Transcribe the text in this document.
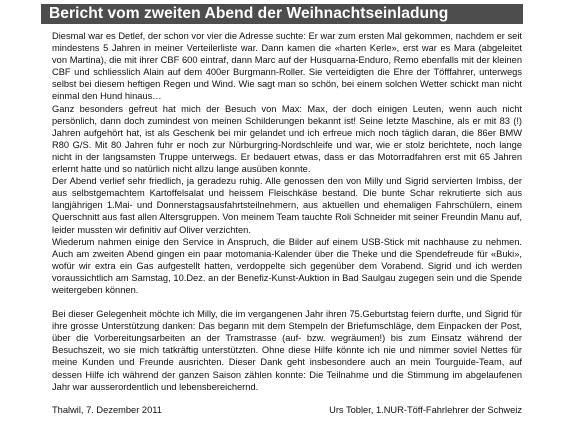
Bericht vom zweiten Abend der Weihnachtseinladung

Diesmal war es Detlef, der schon vor vier die Adresse suchte: Er war zum ersten Mal gekommen, nachdem er seit mindestens 5 Jahren in meiner Verteilerliste war. Dann kamen die «harten Kerle», erst war es Mara (abgeleitet von Martina), die mit ihrer CBF 600 eintraf, dann Marc auf der Husquarna-Enduro, Remo ebenfalls mit der kleinen CBF und schliesslich Alain auf dem 400er Burgmann-Roller. Sie verteidigten die Ehre der Töfffahrer, unterwegs selbst bei diesem heftigen Regen und Wind. Wie sagt man so schön, bei einem solchen Wetter schickt man nicht einmal den Hund hinaus…

Ganz besonders gefreut hat mich der Besuch von Max: Max, der doch einigen Leuten, wenn auch nicht persönlich, dann doch zumindest von meinen Schilderungen bekannt ist! Seine letzte Maschine, als er mit 83 (!) Jahren aufgehört hat, ist als Geschenk bei mir gelandet und ich erfreue mich noch täglich daran, die 86er BMW R80 G/S. Mit 80 Jahren fuhr er noch zur Nürburgring-Nordschleife und war, wie er stolz berichtete, noch lange nicht in der langsamsten Truppe unterwegs. Er bedauert etwas, dass er das Motorradfahren erst mit 65 Jahren erlernt hatte und so natürlich nicht allzu lange ausüben konnte.

Der Abend verlief sehr friedlich, ja geradezu ruhig. Alle genossen den von Milly und Sigrid servierten Imbiss, der aus selbstgemachtem Kartoffelsalat und heissem Fleischkäse bestand. Die bunte Schar rekrutierte sich aus langjährigen 1.Mai- und Donnerstagsausfahrtsteilnehmern, aus aktuellen und ehemaligen Fahrschülern, einem Querschnitt aus fast allen Altersgruppen. Von meinem Team tauchte Roli Schneider mit seiner Freundin Manu auf, leider mussten wir definitiv auf Oliver verzichten.

Wiederum nahmen einige den Service in Anspruch, die Bilder auf einem USB-Stick mit nachhause zu nehmen. Auch am zweiten Abend gingen ein paar motomania-Kalender über die Theke und die Spendefreude für «Buki», wofür wir extra ein Gas aufgestellt hatten, verdoppelte sich gegenüber dem Vorabend. Sigrid und ich werden voraussichtlich am Samstag, 10.Dez. an der Benefiz-Kunst-Auktion in Bad Saulgau zugegen sein und die Spende weitergeben können.

Bei dieser Gelegenheit möchte ich Milly, die im vergangenen Jahr ihren 75.Geburtstag feiern durfte, und Sigrid für ihre grosse Unterstützung danken: Das begann mit dem Stempeln der Briefumschläge, dem Einpacken der Post, über die Vorbereitungsarbeiten an der Tramstrasse (auf- bzw. wegräumen!) bis zum Einsatz während der Besuchszeit, wo sie mich tatkräftig unterstützten. Ohne diese Hilfe könnte ich nie und nimmer soviel Nettes für meine Kunden und Freunde ausrichten. Dieser Dank geht insbesondere auch an mein Tourguide-Team, auf dessen Hilfe ich während der ganzen Saison zählen konnte: Die Teilnahme und die Stimmung im abgelaufenen Jahr war ausserordentlich und lebensbereichernd.

Thalwil, 7. Dezember 2011	Urs Tobler, 1.NUR-Töff-Fahrlehrer der Schweiz
